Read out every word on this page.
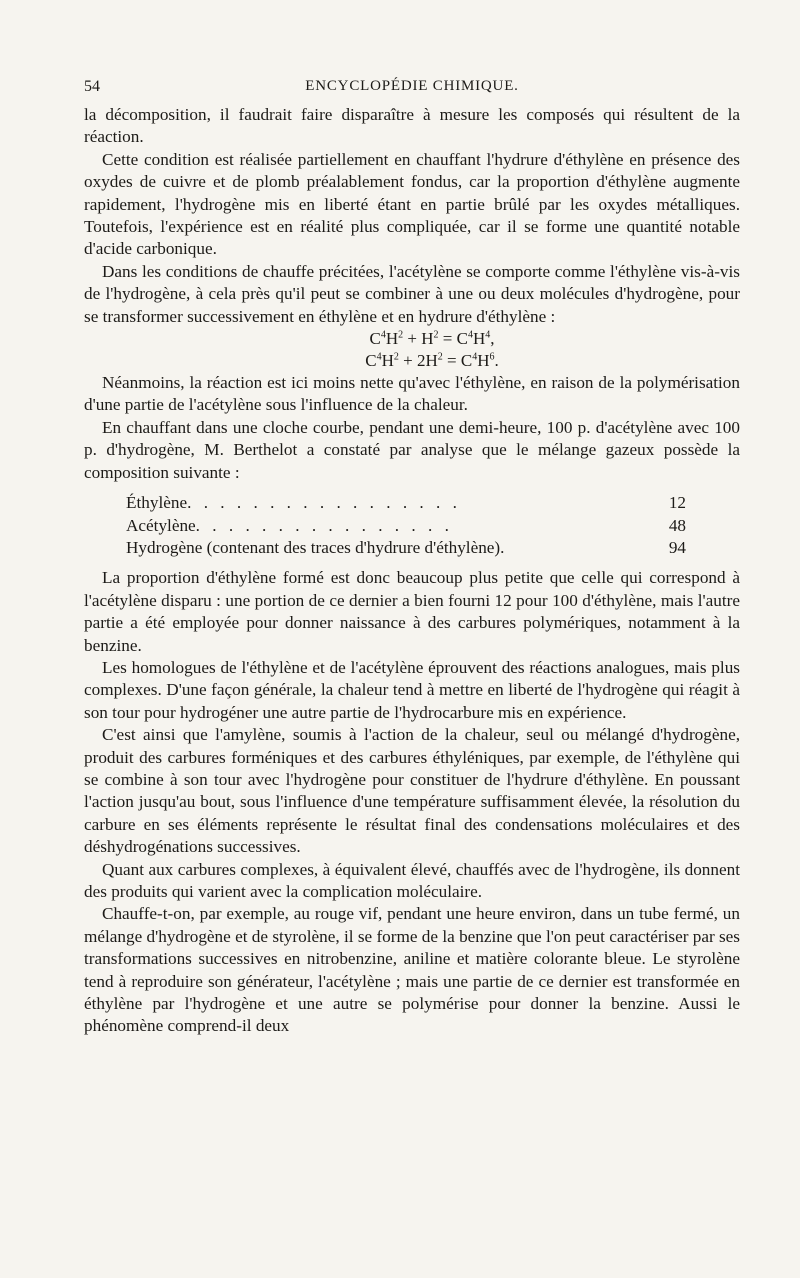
54	ENCYCLOPÉDIE CHIMIQUE.

la décomposition, il faudrait faire disparaître à mesure les composés qui résultent de la réaction.

Cette condition est réalisée partiellement en chauffant l'hydrure d'éthylène en présence des oxydes de cuivre et de plomb préalablement fondus, car la proportion d'éthylène augmente rapidement, l'hydrogène mis en liberté étant en partie brûlé par les oxydes métalliques. Toutefois, l'expérience est en réalité plus compliquée, car il se forme une quantité notable d'acide carbonique.

Dans les conditions de chauffe précitées, l'acétylène se comporte comme l'éthylène vis-à-vis de l'hydrogène, à cela près qu'il peut se combiner à une ou deux molécules d'hydrogène, pour se transformer successivement en éthylène et en hydrure d'éthylène :

$C^4H^2 + H^2 = C^4H^4$,

$C^4H^2 + 2H^2 = C^4H^6$.

Néanmoins, la réaction est ici moins nette qu'avec l'éthylène, en raison de la polymérisation d'une partie de l'acétylène sous l'influence de la chaleur.

En chauffant dans une cloche courbe, pendant une demi-heure, 100 p. d'acétylène avec 100 p. d'hydrogène, M. Berthelot a constaté par analyse que le mélange gazeux possède la composition suivante :

Éthylène. . . . . . . . . . . . . . . . .	12
Acétylène. . . . . . . . . . . . . . . .	48
Hydrogène (contenant des traces d'hydrure d'éthylène).	94

La proportion d'éthylène formé est donc beaucoup plus petite que celle qui correspond à l'acétylène disparu : une portion de ce dernier a bien fourni 12 pour 100 d'éthylène, mais l'autre partie a été employée pour donner naissance à des carbures polymériques, notamment à la benzine.

Les homologues de l'éthylène et de l'acétylène éprouvent des réactions analogues, mais plus complexes. D'une façon générale, la chaleur tend à mettre en liberté de l'hydrogène qui réagit à son tour pour hydrogéner une autre partie de l'hydrocarbure mis en expérience.

C'est ainsi que l'amylène, soumis à l'action de la chaleur, seul ou mélangé d'hydrogène, produit des carbures forméniques et des carbures éthyléniques, par exemple, de l'éthylène qui se combine à son tour avec l'hydrogène pour constituer de l'hydrure d'éthylène. En poussant l'action jusqu'au bout, sous l'influence d'une température suffisamment élevée, la résolution du carbure en ses éléments représente le résultat final des condensations moléculaires et des déshydrogénations successives.

Quant aux carbures complexes, à équivalent élevé, chauffés avec de l'hydrogène, ils donnent des produits qui varient avec la complication moléculaire.

Chauffe-t-on, par exemple, au rouge vif, pendant une heure environ, dans un tube fermé, un mélange d'hydrogène et de styrolène, il se forme de la benzine que l'on peut caractériser par ses transformations successives en nitrobenzine, aniline et matière colorante bleue. Le styrolène tend à reproduire son générateur, l'acétylène ; mais une partie de ce dernier est transformée en éthylène par l'hydrogène et une autre se polymérise pour donner la benzine. Aussi le phénomène comprend-il deux
